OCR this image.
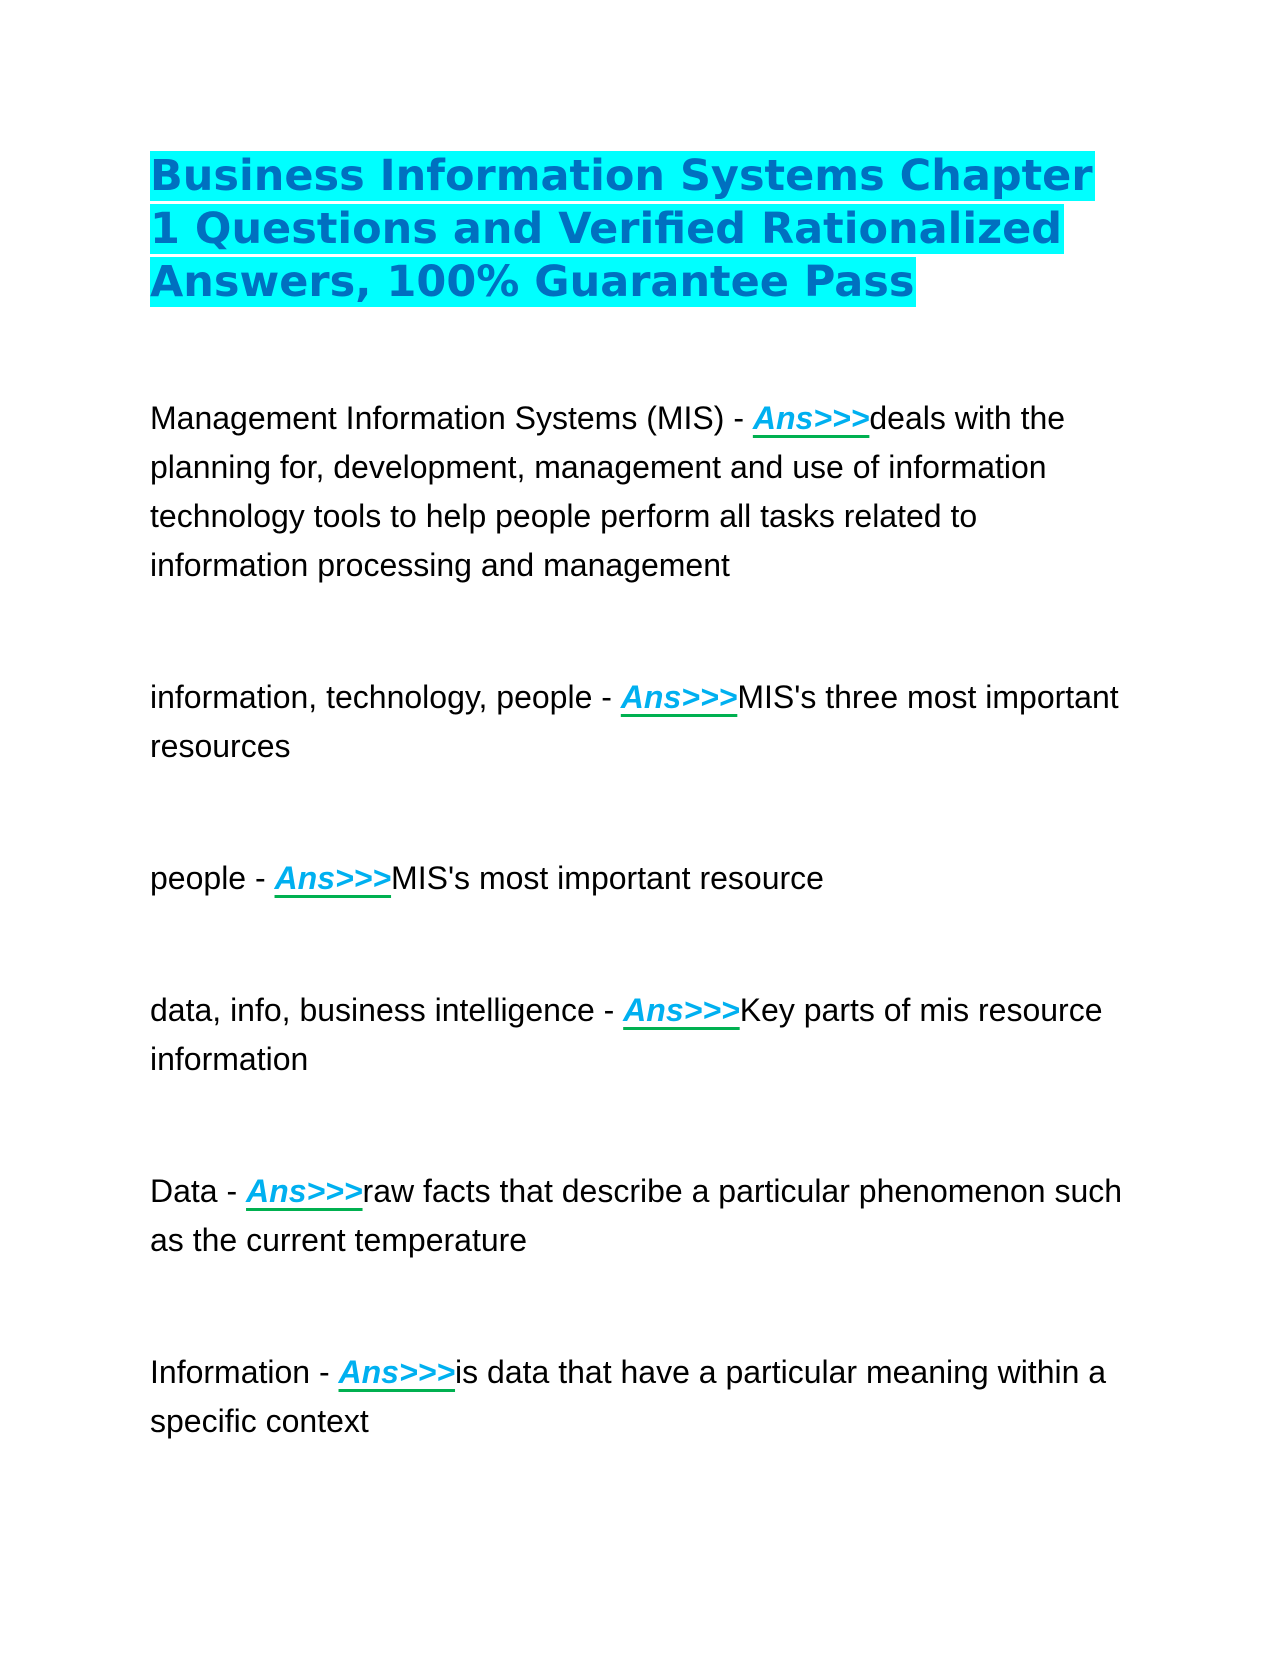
Business Information Systems Chapter 1 Questions and Verified Rationalized Answers, 100% Guarantee Pass

Management Information Systems (MIS) - Ans>>>deals with the planning for, development, management and use of information technology tools to help people perform all tasks related to information processing and management

information, technology, people - Ans>>>MIS's three most important resources

people - Ans>>>MIS's most important resource

data, info, business intelligence - Ans>>>Key parts of mis resource information

Data - Ans>>>raw facts that describe a particular phenomenon such as the current temperature

Information - Ans>>>is data that have a particular meaning within a specific context
